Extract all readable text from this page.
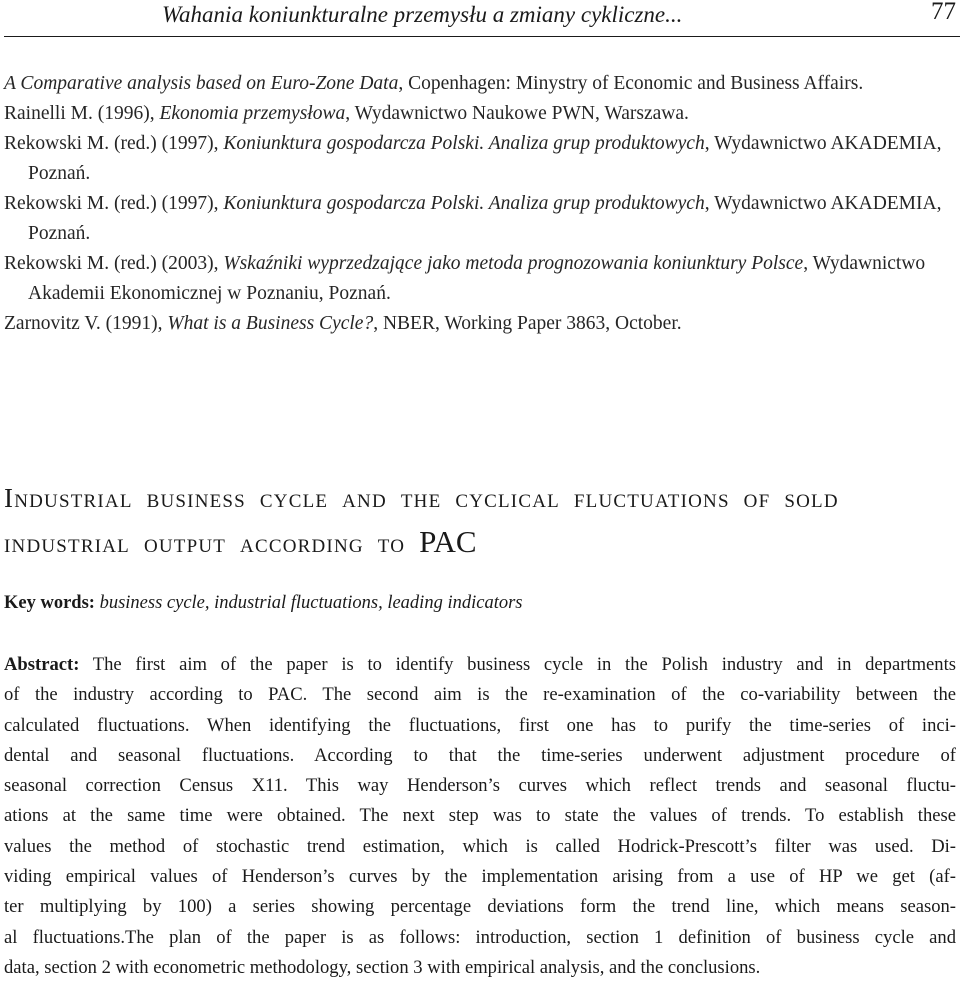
Wahania koniunkturalne przemysłu a zmiany cykliczne...	77

A Comparative analysis based on Euro-Zone Data, Copenhagen: Minystry of Economic and Business Affairs.

Rainelli M. (1996), Ekonomia przemysłowa, Wydawnictwo Naukowe PWN, Warszawa.

Rekowski M. (red.) (1997), Koniunktura gospodarcza Polski. Analiza grup produktowych, Wydawnictwo AKADEMIA, Poznań.

Rekowski M. (red.) (1997), Koniunktura gospodarcza Polski. Analiza grup produktowych, Wydawnictwo AKADEMIA, Poznań.

Rekowski M. (red.) (2003), Wskaźniki wyprzedzające jako metoda prognozowania koniunktury Polsce, Wydawnictwo Akademii Ekonomicznej w Poznaniu, Poznań.

Zarnovitz V. (1991), What is a Business Cycle?, NBER, Working Paper 3863, October.

Industrial business cycle and the cyclical fluctuations of sold industrial output according to PAC
Key words: business cycle, industrial fluctuations, leading indicators
Abstract: The first aim of the paper is to identify business cycle in the Polish industry and in departments
of the industry according to PAC. The second aim is the re-examination of the co-variability between the
calculated fluctuations. When identifying the fluctuations, first one has to purify the time-series of inci-
dental and seasonal fluctuations. According to that the time-series underwent adjustment procedure of
seasonal correction Census X11. This way Henderson’s curves which reflect trends and seasonal fluctu-
ations at the same time were obtained. The next step was to state the values of trends. To establish these
values the method of stochastic trend estimation, which is called Hodrick-Prescott’s filter was used. Di-
viding empirical values of Henderson’s curves by the implementation arising from a use of HP we get (af-
ter multiplying by 100) a series showing percentage deviations form the trend line, which means season-
al fluctuations.The plan of the paper is as follows: introduction, section 1 definition of business cycle and
data, section 2 with econometric methodology, section 3 with empirical analysis, and the conclusions.
